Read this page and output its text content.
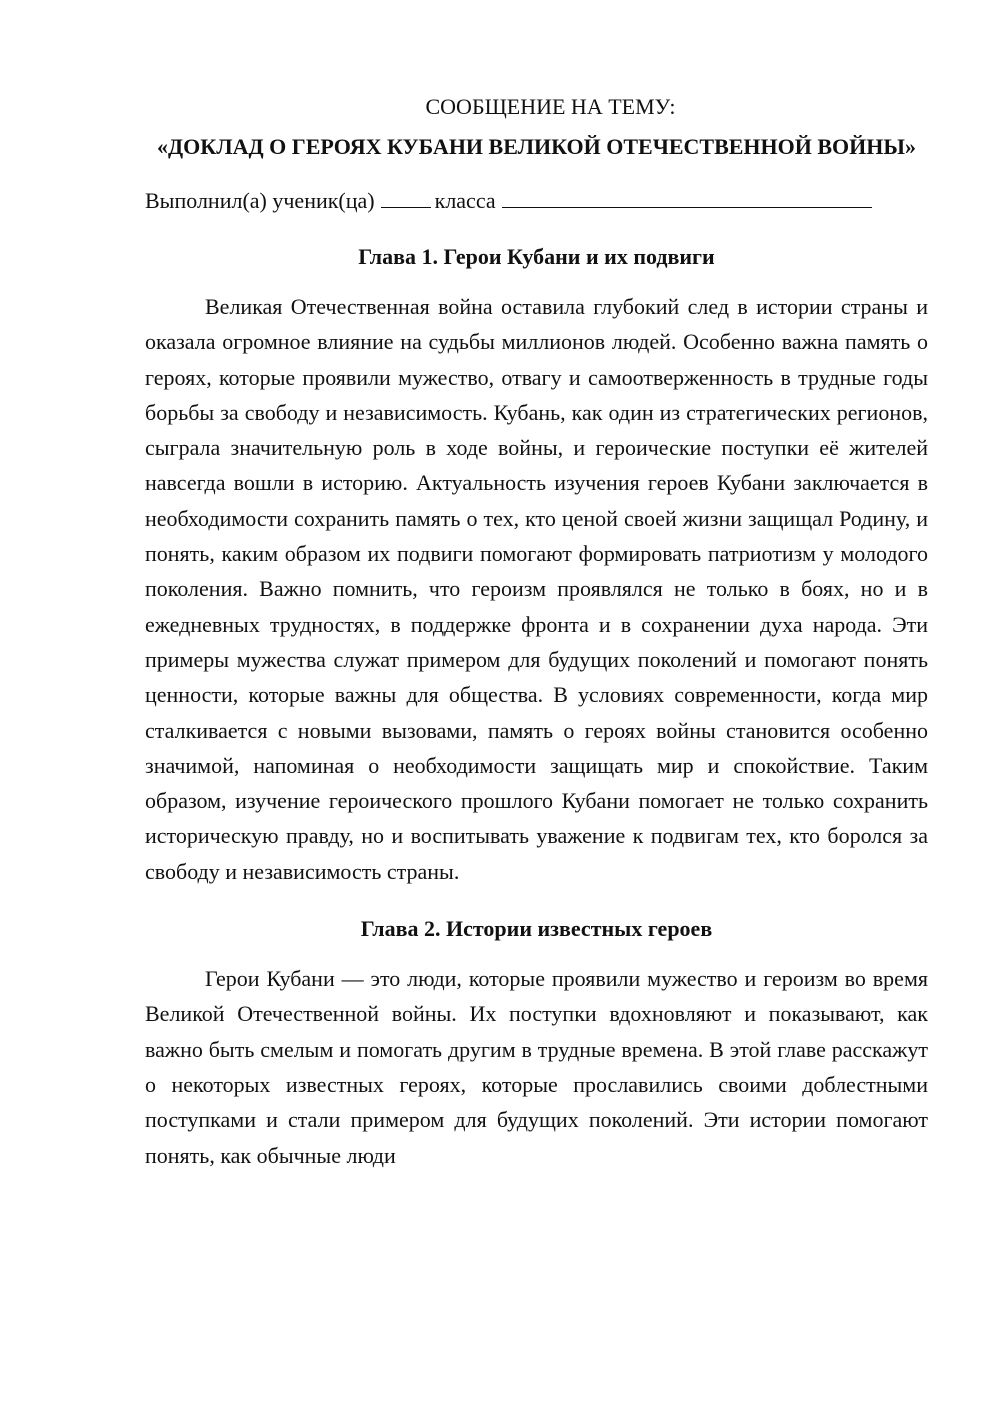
СООБЩЕНИЕ НА ТЕМУ:

«ДОКЛАД О ГЕРОЯХ КУБАНИ ВЕЛИКОЙ ОТЕЧЕСТВЕННОЙ ВОЙНЫ»

Выполнил(а) ученик(ца)	класса

Глава 1. Герои Кубани и их подвиги

Великая Отечественная война оставила глубокий след в истории страны и оказала огромное влияние на судьбы миллионов людей. Особенно важна память о героях, которые проявили мужество, отвагу и самоотверженность в трудные годы борьбы за свободу и независимость. Кубань, как один из стратегических регионов, сыграла значительную роль в ходе войны, и героические поступки её жителей навсегда вошли в историю. Актуальность изучения героев Кубани заключается в необходимости сохранить память о тех, кто ценой своей жизни защищал Родину, и понять, каким образом их подвиги помогают формировать патриотизм у молодого поколения. Важно помнить, что героизм проявлялся не только в боях, но и в ежедневных трудностях, в поддержке фронта и в сохранении духа народа. Эти примеры мужества служат примером для будущих поколений и помогают понять ценности, которые важны для общества. В условиях современности, когда мир сталкивается с новыми вызовами, память о героях войны становится особенно значимой, напоминая о необходимости защищать мир и спокойствие. Таким образом, изучение героического прошлого Кубани помогает не только сохранить историческую правду, но и воспитывать уважение к подвигам тех, кто боролся за свободу и независимость страны.

Глава 2. Истории известных героев

Герои Кубани — это люди, которые проявили мужество и героизм во время Великой Отечественной войны. Их поступки вдохновляют и показывают, как важно быть смелым и помогать другим в трудные времена. В этой главе расскажут о некоторых известных героях, которые прославились своими доблестными поступками и стали примером для будущих поколений. Эти истории помогают понять, как обычные люди
